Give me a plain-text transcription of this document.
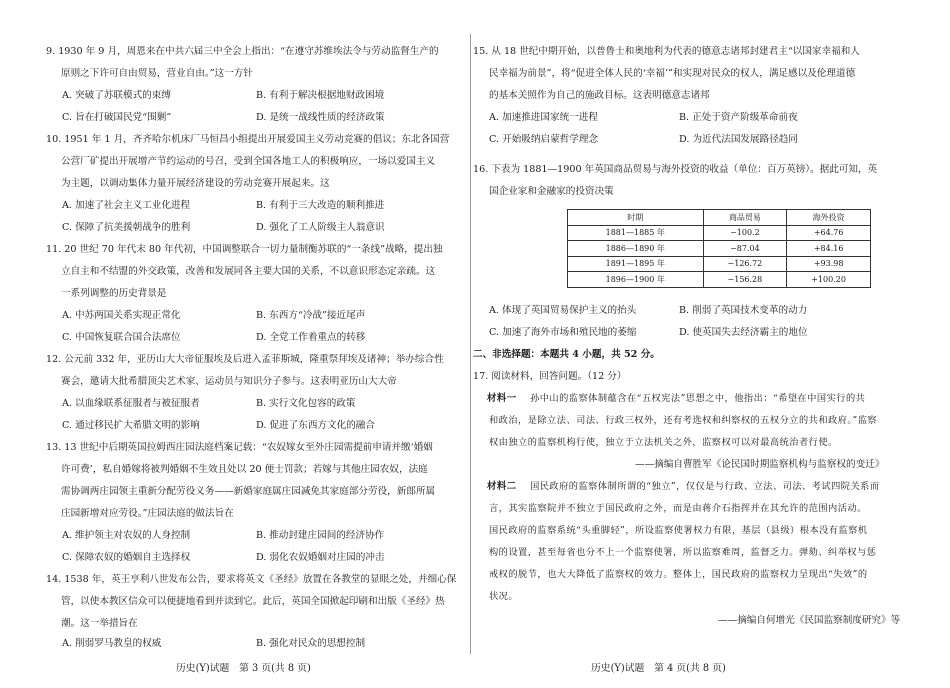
9. 1930 年 9 月，周恩来在中共六届三中全会上指出：“在遵守苏维埃法令与劳动监督生产的
原则之下许可自由贸易，营业自由。”这一方针
A. 突破了苏联模式的束缚	B. 有利于解决根据地财政困境
C. 旨在打破国民党“围剿”	D. 是统一战线性质的经济政策
10. 1951 年 1 月，齐齐哈尔机床厂马恒昌小组提出开展爱国主义劳动竞赛的倡议；东北各国营
公营厂矿提出开展增产节约运动的号召，受到全国各地工人的积极响应，一场以爱国主义
为主题，以调动集体力量开展经济建设的劳动竞赛开展起来。这
A. 加速了社会主义工业化进程	B. 有利于三大改造的顺利推进
C. 保障了抗美援朝战争的胜利	D. 强化了工人阶级主人翁意识
11. 20 世纪 70 年代末 80 年代初，中国调整联合一切力量制衡苏联的“一条线”战略，提出独
立自主和不结盟的外交政策，改善和发展同各主要大国的关系，不以意识形态定亲疏。这
一系列调整的历史背景是
A. 中苏两国关系实现正常化	B. 东西方“冷战”接近尾声
C. 中国恢复联合国合法席位	D. 全党工作着重点的转移
12. 公元前 332 年，亚历山大大帝征服埃及后进入孟菲斯城，隆重祭拜埃及诸神；举办综合性
赛会，邀请大批希腊顶尖艺术家、运动员与知识分子参与。这表明亚历山大大帝
A. 以血缘联系征服者与被征服者	B. 实行文化包容的政策
C. 通过移民扩大希腊文明的影响	D. 促进了东西方文化的融合
13. 13 世纪中后期英国拉姆西庄园法庭档案记载：“农奴嫁女至外庄园需提前申请并缴‘婚姻
许可费’，私自婚嫁将被判婚姻不生效且处以 20 便士罚款；若嫁与其他庄园农奴，法庭
需协调两庄园领主重新分配劳役义务——新婚家庭属庄园减免其家庭部分劳役，新郎所属
庄园新增对应劳役。”庄园法庭的做法旨在
A. 维护领主对农奴的人身控制	B. 推动封建庄园间的经济协作
C. 保障农奴的婚姻自主选择权	D. 弱化农奴婚姻对庄园的冲击
14. 1538 年，英王亨利八世发布公告，要求将英文《圣经》放置在各教堂的显眼之处，并细心保
管，以使本教区信众可以便捷地看到并读到它。此后，英国全国掀起印刷和出版《圣经》热
潮。这一举措旨在
A. 削弱罗马教皇的权威	B. 强化对民众的思想控制
历史(Y)试题　第 3 页(共 8 页)
15. 从 18 世纪中期开始，以普鲁士和奥地利为代表的德意志诸邦封建君主“以国家幸福和人
民幸福为前景”，将“促进全体人民的‘幸福’”和实现对民众的权人，满足感以及伦理道德
的基本关照作为自己的施政目标。这表明德意志诸邦
A. 加速推进国家统一进程	B. 正处于资产阶级革命前夜
C. 开始吸纳启蒙哲学理念	D. 为近代法国发展路径趋同
16. 下表为 1881—1900 年英国商品贸易与海外投资的收益（单位：百万英镑）。据此可知，英
国企业家和金融家的投资决策
时期	商品贸易	海外投资
1881—1885 年	−100.2	+64.76
1886—1890 年	−87.04	+84.16
1891—1895 年	−126.72	+93.98
1896—1900 年	−156.28	+100.20
A. 体现了英国贸易保护主义的抬头	B. 削弱了英国技术变革的动力
C. 加速了海外市场和殖民地的萎缩	D. 使英国失去经济霸主的地位
二、非选择题：本题共 4 小题，共 52 分。
17. 阅读材料，回答问题。（12 分）
材料一 孙中山的监察体制蕴含在“五权宪法”思想之中，他指出：“希望在中国实行的共
和政治，是除立法、司法、行政三权外，还有考选权和纠察权的五权分立的共和政府。”监察
权由独立的监察机构行使，独立于立法机关之外，监察权可以对最高统治者行使。
——摘编自曹胜军《论民国时期监察机构与监察权的变迁》
材料二 国民政府的监察体制所谓的“独立”，仅仅是与行政、立法、司法、考试四院关系而
言，其实监察院并不独立于国民政府之外，而是由蒋介石指挥并在其允许的范围内活动。
国民政府的监察系统“头重脚轻”，所设监察使署权力有限，基层（县级）根本没有监察机
构的设置，甚至每省也分不上一个监察使署，所以监察难周，监督乏力。弹劾、纠举权与惩
戒权的脱节，也大大降低了监察权的效力。整体上，国民政府的监察权力呈现出“失效”的
状况。
——摘编自何增光《民国监察制度研究》等
历史(Y)试题　第 4 页(共 8 页)
